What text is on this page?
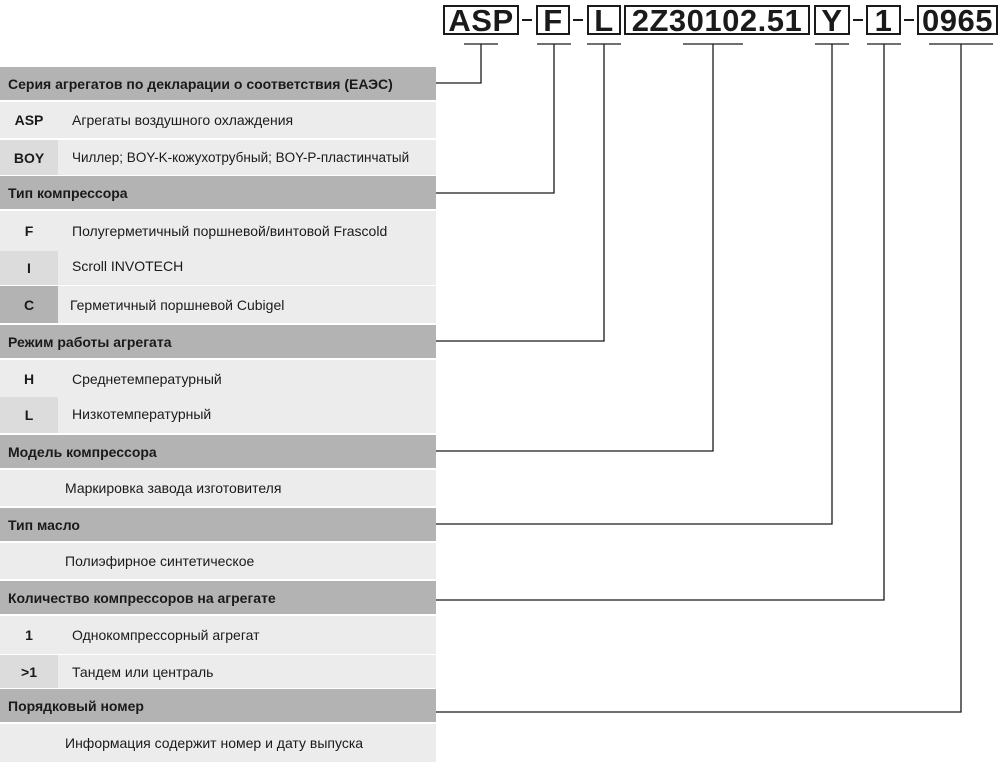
ASP F L 2Z30102.51 Y 1 0965
Серия агрегатов по декларации о соответствия (ЕАЭС)
ASP	Агрегаты воздушного охлаждения
BOY	Чиллер; BOY-K-кожухотрубный; BOY-P-пластинчатый
Тип компрессора
F	Полугерметичный поршневой/винтовой Frascold
I	Scroll INVOTECH
C	Герметичный поршневой Cubigel
Режим работы агрегата
H	Среднетемпературный
L	Низкотемпературный
Модель компрессора
Маркировка завода изготовителя
Тип масло
Полиэфирное синтетическое
Количество компрессоров на агрегате
1	Однокомпрессорный агрегат
>1	Тандем или централь
Порядковый номер
Информация содержит номер и дату выпуска
